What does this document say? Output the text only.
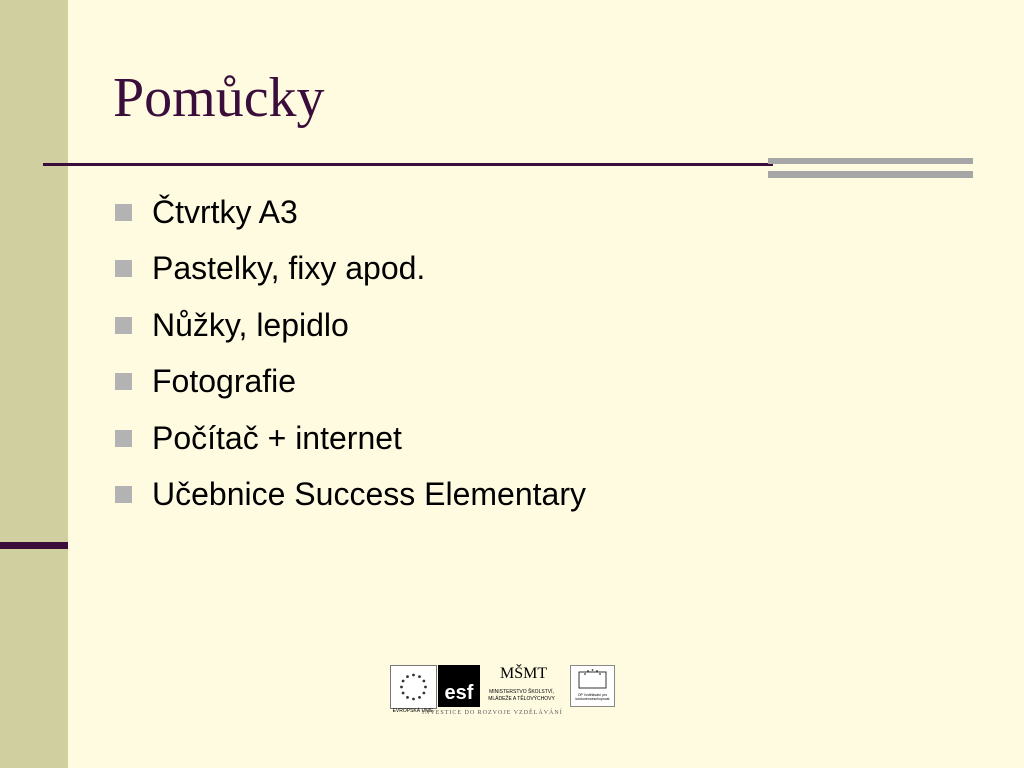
Pomůcky
Čtvrtky A3
Pastelky, fixy apod.
Nůžky, lepidlo
Fotografie
Počítač + internet
Učebnice Success Elementary
EVROPSKÁ UNIE
esf
MŠMT
MINISTERSTVO ŠKOLSTVÍ, MLÁDEŽE A TĚLOVÝCHOVY
OP Vzdělávání pro konkurenceschopnost
INVESTICE DO ROZVOJE VZDĚLÁVÁNÍ
